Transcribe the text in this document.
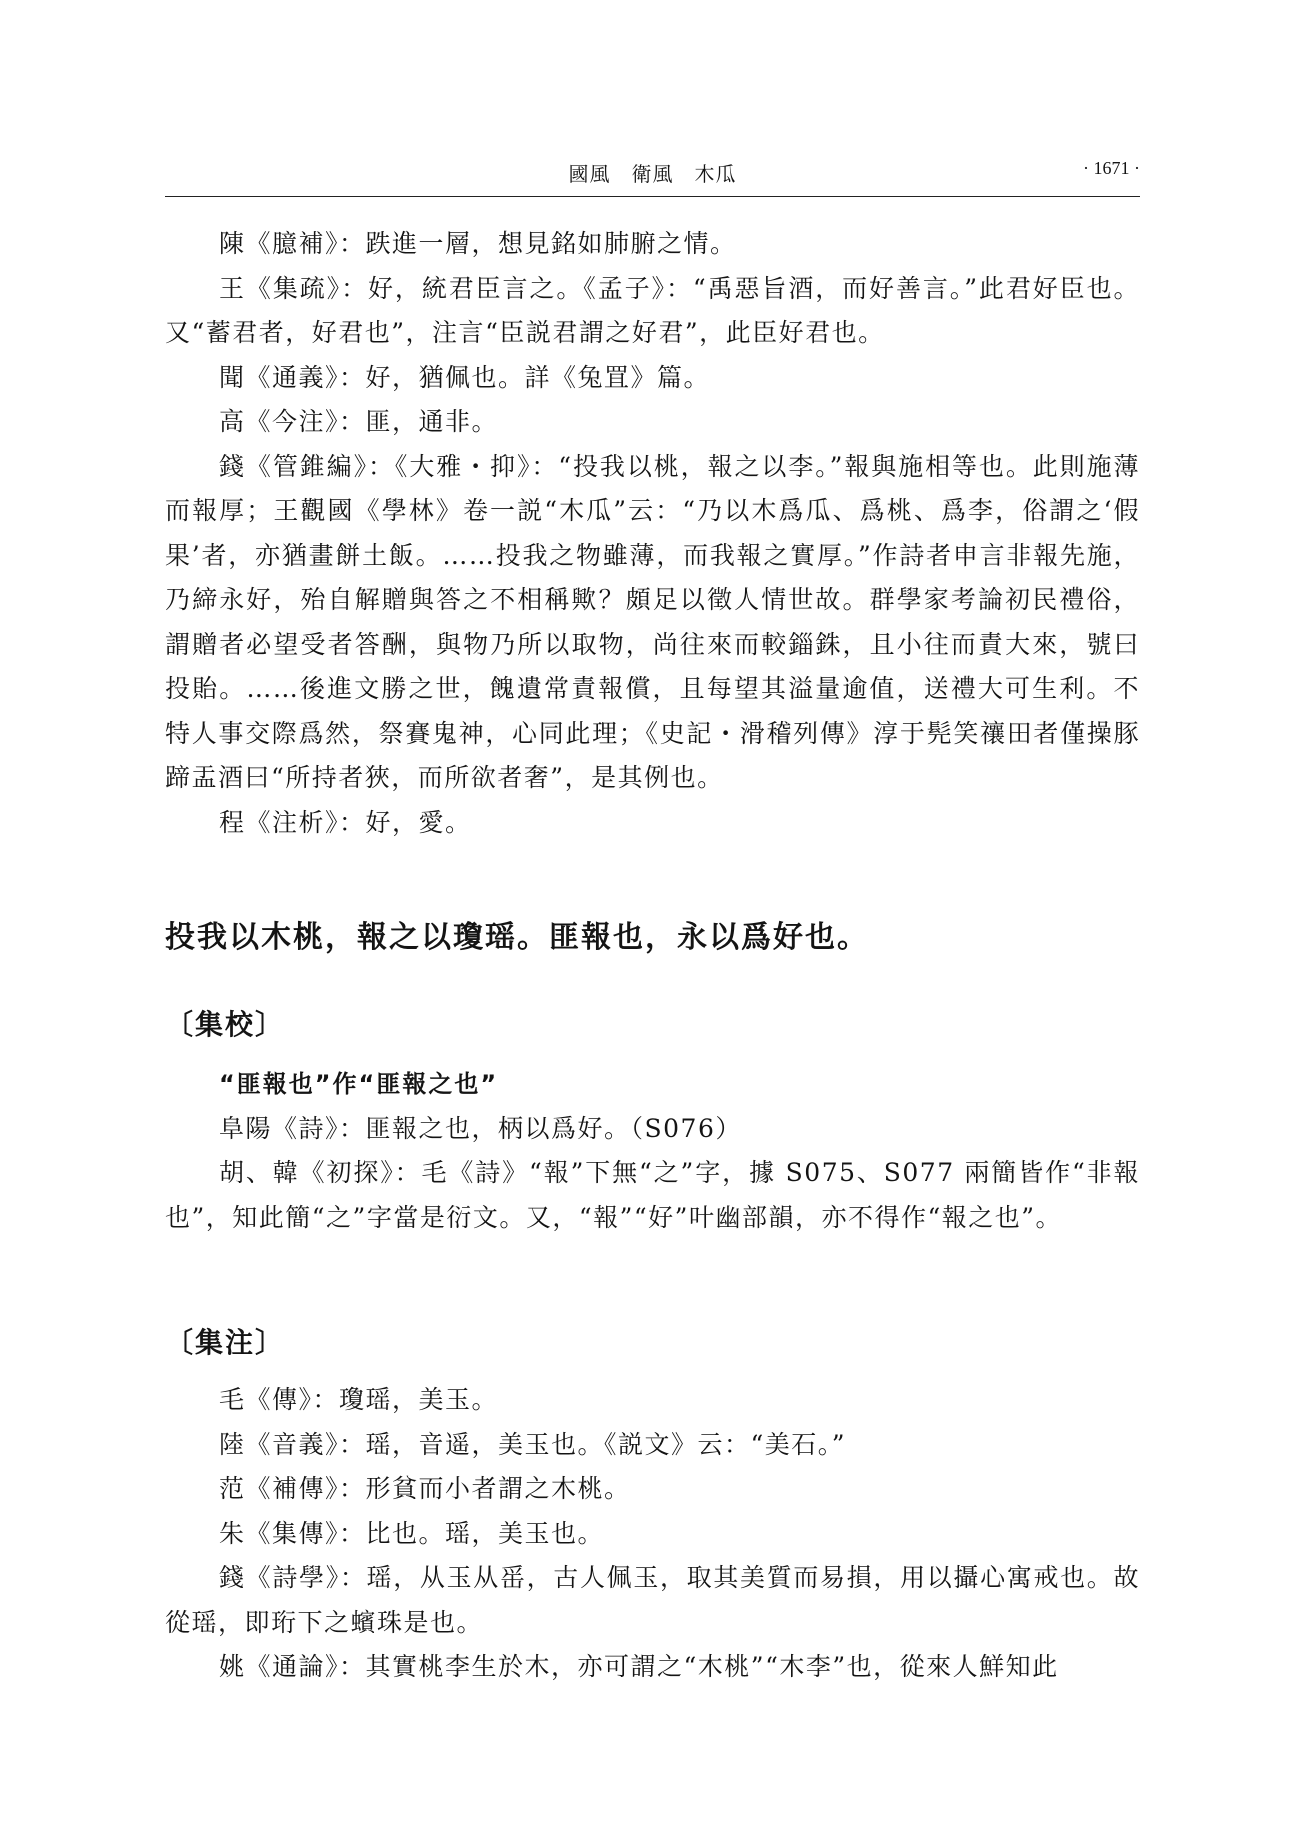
國風　衛風　木瓜	· 1671 ·

陳《臆補》：跌進一層，想見銘如肺腑之情。

王《集疏》：好，統君臣言之。《孟子》：“禹惡旨酒，而好善言。”此君好臣也。又“蓄君者，好君也”，注言“臣説君謂之好君”，此臣好君也。

聞《通義》：好，猶佩也。詳《兔罝》篇。

高《今注》：匪，通非。

錢《管錐編》：《大雅・抑》：“投我以桃，報之以李。”報與施相等也。此則施薄而報厚；王觀國《學林》卷一説“木瓜”云：“乃以木爲瓜、爲桃、爲李，俗謂之‘假果’者，亦猶畫餅土飯。……投我之物雖薄，而我報之實厚。”作詩者申言非報先施，乃締永好，殆自解贈與答之不相稱歟？頗足以徵人情世故。群學家考論初民禮俗，謂贈者必望受者答酬，與物乃所以取物，尚往來而較錙銖，且小往而責大來，號曰投貽。……後進文勝之世，餽遺常責報償，且每望其溢量逾值，送禮大可生利。不特人事交際爲然，祭賽鬼神，心同此理；《史記・滑稽列傳》淳于髡笑禳田者僅操豚蹄盂酒曰“所持者狹，而所欲者奢”，是其例也。

程《注析》：好，愛。

投我以木桃，報之以瓊瑶。匪報也，永以爲好也。
〔集校〕

“匪報也”作“匪報之也”

阜陽《詩》：匪報之也，柄以爲好。（S076）

胡、韓《初探》：毛《詩》“報”下無“之”字，據 S075、S077 兩簡皆作“非報也”，知此簡“之”字當是衍文。又，“報”“好”叶幽部韻，亦不得作“報之也”。

〔集注〕

毛《傳》：瓊瑶，美玉。

陸《音義》：瑶，音遥，美玉也。《説文》云：“美石。”

范《補傳》：形貧而小者謂之木桃。

朱《集傳》：比也。瑶，美玉也。

錢《詩學》：瑶，从玉从䍃，古人佩玉，取其美質而易損，用以攝心寓戒也。故從瑶，即珩下之蠙珠是也。

姚《通論》：其實桃李生於木，亦可謂之“木桃”“木李”也，從來人鮮知此
